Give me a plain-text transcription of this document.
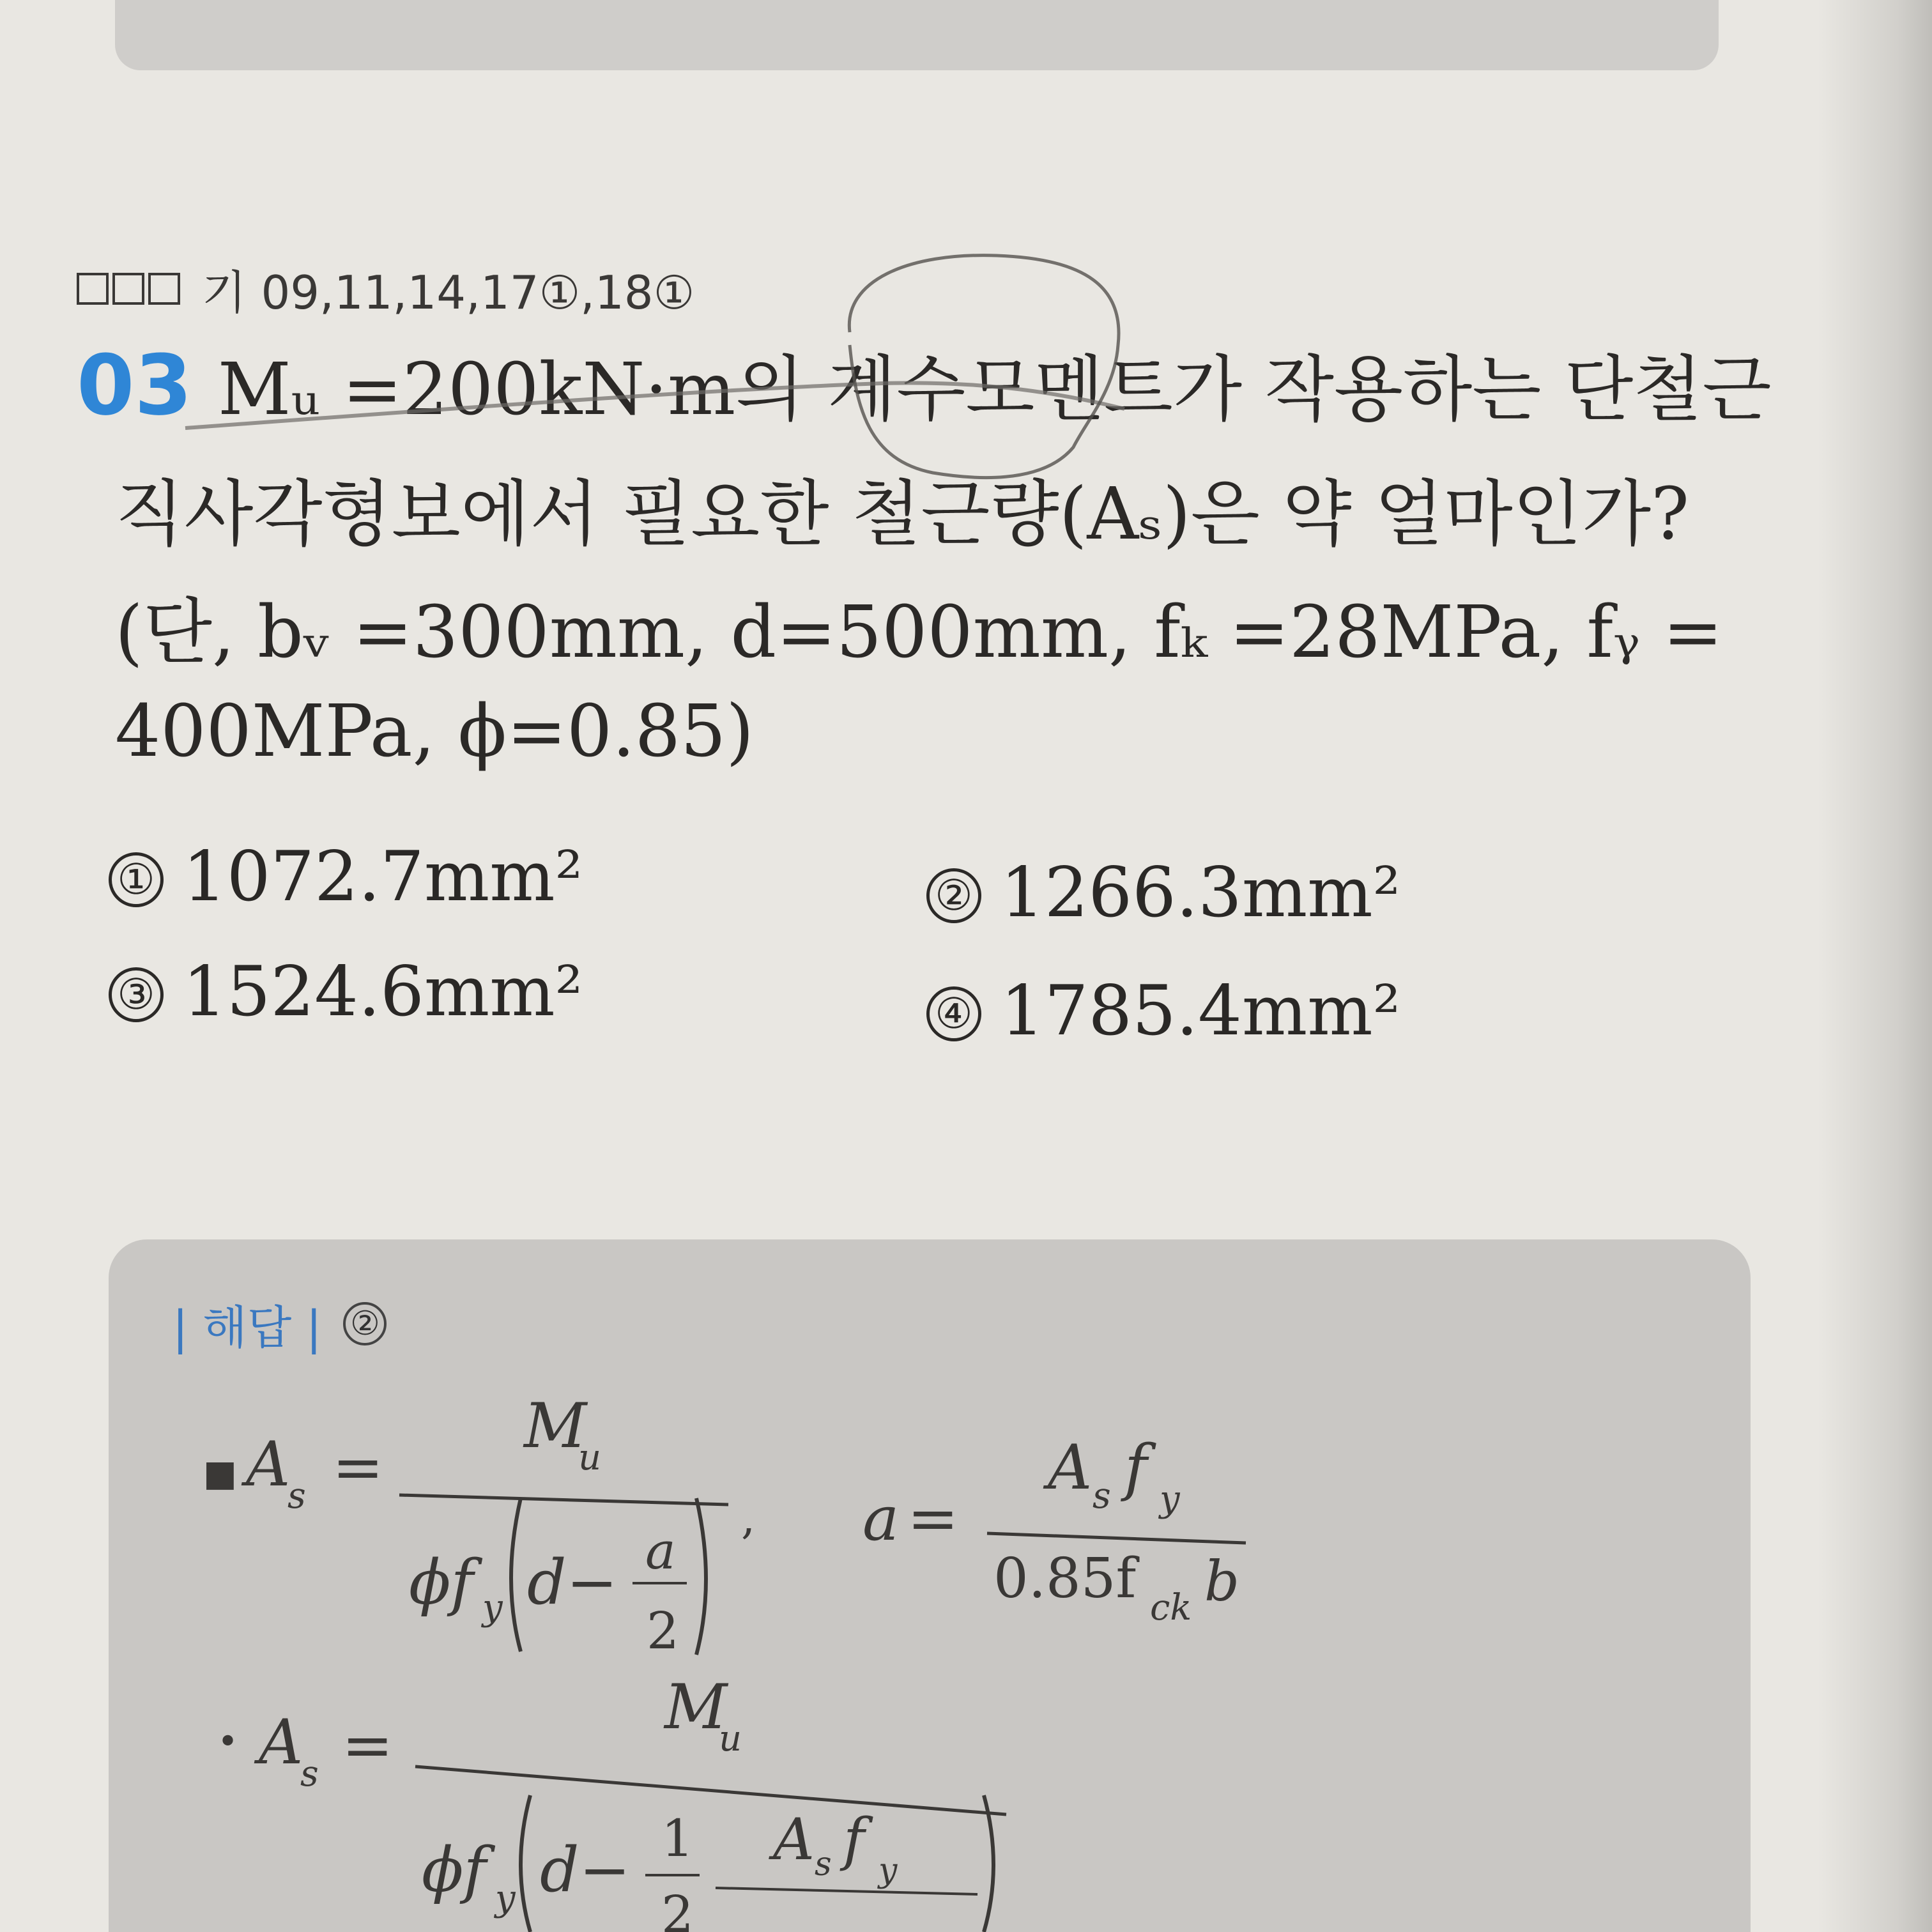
기 09,11,14,17①,18①
03 Mᵤ =200kN·m의 계수모멘트가 작용하는 단철근
직사각형보에서 필요한 철근량(Aₛ)은 약 얼마인가?
(단, bᵥ =300mm, d=500mm, fₖ =28MPa, fᵧ =
400MPa, ϕ=0.85)
① 1072.7mm²	② 1266.3mm²
③ 1524.6mm²	④ 1785.4mm²
| 해답 | ②
■ A
s =
M
u
ϕf y d− a
2
, a =
A s f y
0.85f ck b
• A
s =
M
u
ϕf y d− 1
2
A s f y
